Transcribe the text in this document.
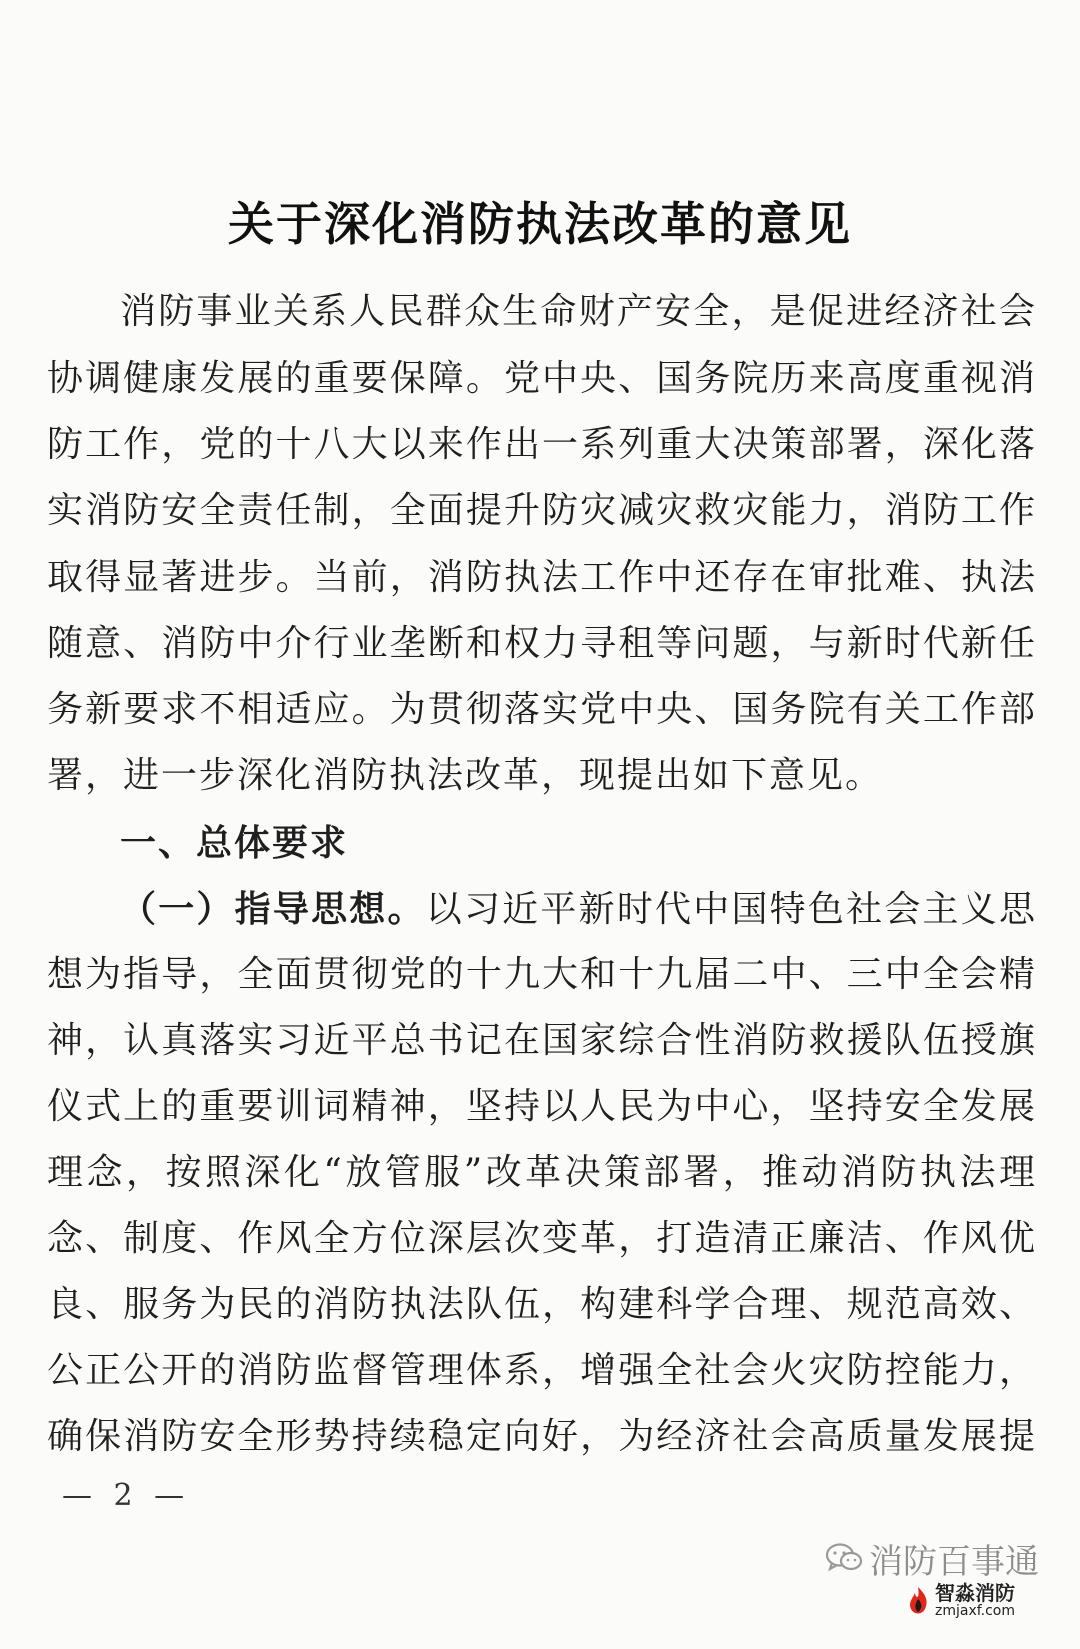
关于深化消防执法改革的意见
消防事业关系人民群众生命财产安全，是促进经济社会
协调健康发展的重要保障。党中央、国务院历来高度重视消
防工作，党的十八大以来作出一系列重大决策部署，深化落
实消防安全责任制，全面提升防灾减灾救灾能力，消防工作
取得显著进步。当前，消防执法工作中还存在审批难、执法
随意、消防中介行业垄断和权力寻租等问题，与新时代新任
务新要求不相适应。为贯彻落实党中央、国务院有关工作部
署，进一步深化消防执法改革，现提出如下意见。
一、总体要求
（一）指导思想。以习近平新时代中国特色社会主义思
想为指导，全面贯彻党的十九大和十九届二中、三中全会精
神，认真落实习近平总书记在国家综合性消防救援队伍授旗
仪式上的重要训词精神，坚持以人民为中心，坚持安全发展
理念，按照深化“放管服”改革决策部署，推动消防执法理
念、制度、作风全方位深层次变革，打造清正廉洁、作风优
良、服务为民的消防执法队伍，构建科学合理、规范高效、
公正公开的消防监督管理体系，增强全社会火灾防控能力，
确保消防安全形势持续稳定向好，为经济社会高质量发展提
— 2 —
消防百事通
智淼消防
zmjaxf.com
